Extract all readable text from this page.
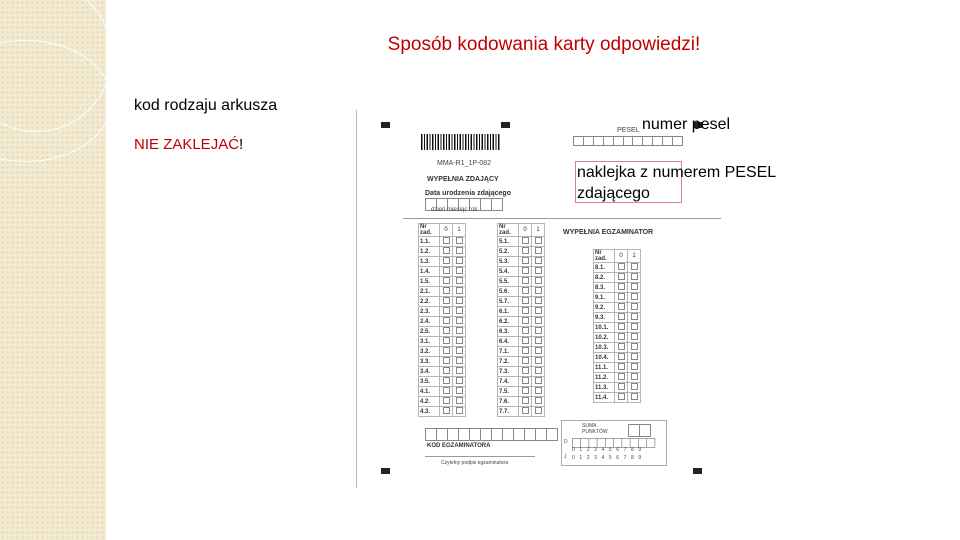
Sposób kodowania karty odpowiedzi!
kod rodzaju arkusza
NIE ZAKLEJAĆ!
PESEL
MMA-R1_1P-082
WYPEŁNIA ZDAJĄCY
Data urodzenia zdającego
dzień miesiąc rok
Nr zad.	0	1
1.1.		
1.2.		
1.3.		
1.4.		
1.5.		
2.1.		
2.2.		
2.3.		
2.4.		
2.5.		
3.1.		
3.2.		
3.3.		
3.4.		
3.5.		
4.1.		
4.2.		
4.3.		
Nr zad.	0	1
5.1.		
5.2.		
5.3.		
5.4.		
5.5.		
5.6.		
5.7.		
6.1.		
6.2.		
6.3.		
6.4.		
7.1.		
7.2.		
7.3.		
7.4.		
7.5.		
7.6.		
7.7.		
WYPEŁNIA EGZAMINATOR
Nr zad.	0	1
8.1.		
8.2.		
8.3.		
9.1.		
9.2.		
9.3.		
10.1.		
10.2.		
10.3.		
10.4.		
11.1.		
11.2.		
11.3.		
11.4.		
KOD EGZAMINATORA
Czytelny podpis egzaminatora
SUMA PUNKTÓW
D
0 1 2 3 4 5 6 7 8 9
J 0 1 2 3 4 5 6 7 8 9
numer pesel
naklejka z numerem PESEL
zdającego
